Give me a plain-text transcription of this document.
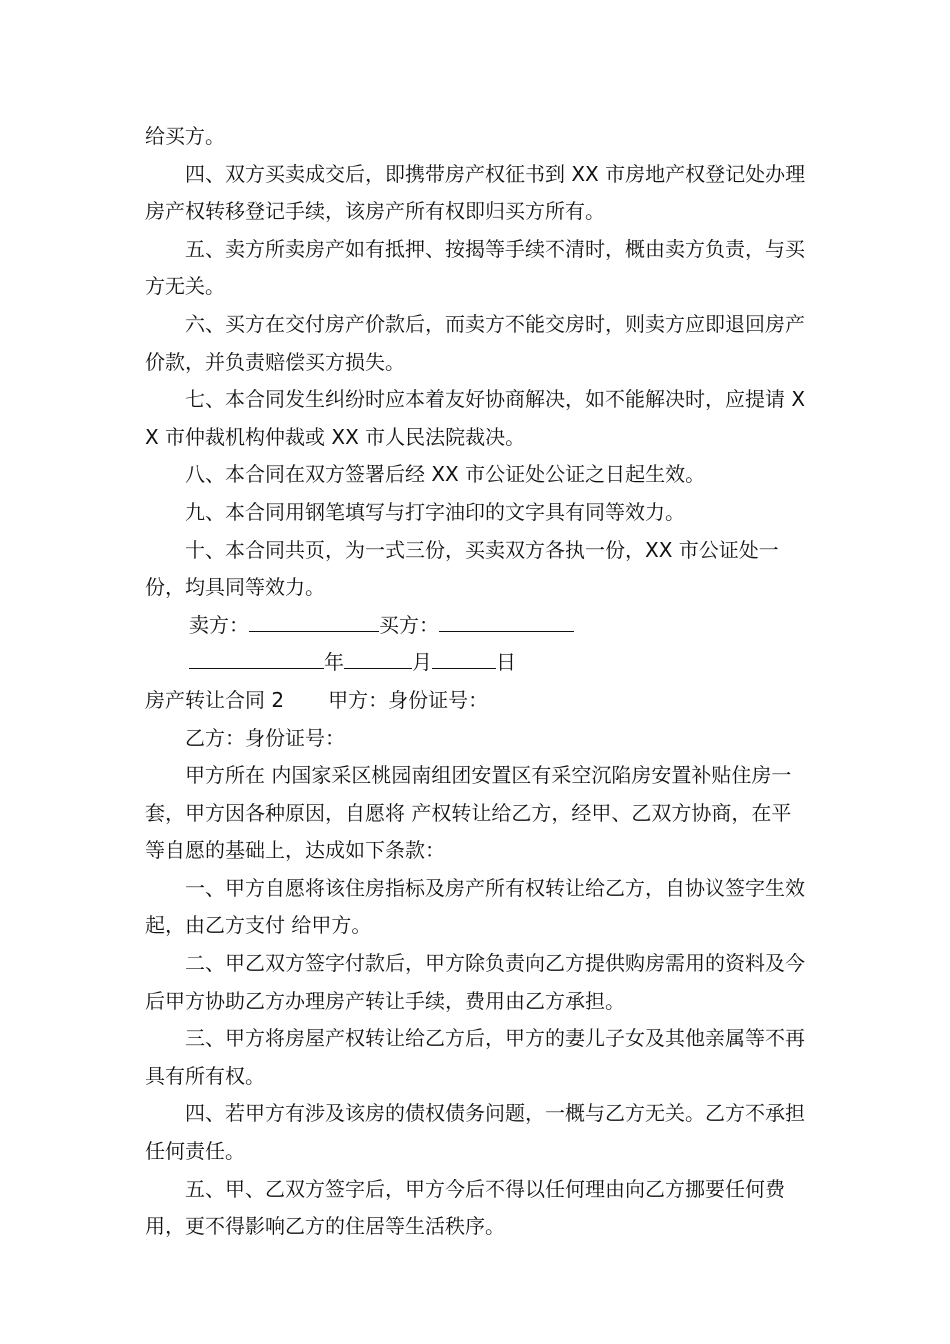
给买方。

四、双方买卖成交后，即携带房产权征书到 XX 市房地产权登记处办理房产权转移登记手续，该房产所有权即归买方所有。

五、卖方所卖房产如有抵押、按揭等手续不清时，概由卖方负责，与买方无关。

六、买方在交付房产价款后，而卖方不能交房时，则卖方应即退回房产价款，并负责赔偿买方损失。

七、本合同发生纠纷时应本着友好协商解决，如不能解决时，应提请 XX 市仲裁机构仲裁或 XX 市人民法院裁决。

八、本合同在双方签署后经 XX 市公证处公证之日起生效。

九、本合同用钢笔填写与打字油印的文字具有同等效力。

十、本合同共页，为一式三份，买卖双方各执一份，XX 市公证处一份，均具同等效力。

卖方：	买方：

年	月	日

房产转让合同 2 甲方：身份证号：

乙方：身份证号：

甲方所在 内国家采区桃园南组团安置区有采空沉陷房安置补贴住房一套，甲方因各种原因，自愿将 产权转让给乙方，经甲、乙双方协商，在平等自愿的基础上，达成如下条款：

一、甲方自愿将该住房指标及房产所有权转让给乙方，自协议签字生效起，由乙方支付 给甲方。

二、甲乙双方签字付款后，甲方除负责向乙方提供购房需用的资料及今后甲方协助乙方办理房产转让手续，费用由乙方承担。

三、甲方将房屋产权转让给乙方后，甲方的妻儿子女及其他亲属等不再具有所有权。

四、若甲方有涉及该房的债权债务问题，一概与乙方无关。乙方不承担任何责任。

五、甲、乙双方签字后，甲方今后不得以任何理由向乙方挪要任何费用，更不得影响乙方的住居等生活秩序。
